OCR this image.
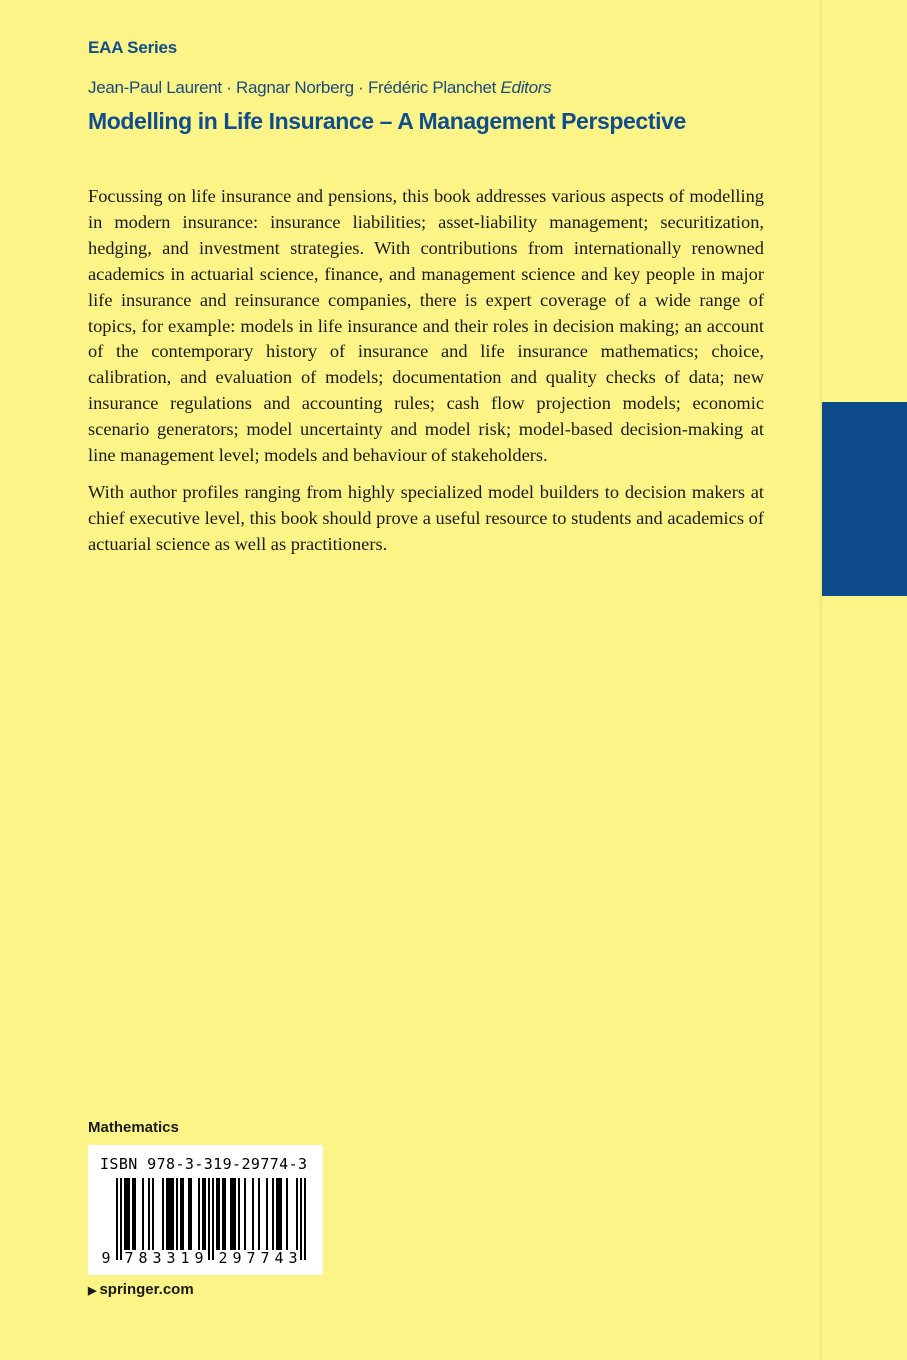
EAA Series
Jean-Paul Laurent · Ragnar Norberg · Frédéric Planchet Editors
Modelling in Life Insurance – A Management Perspective

Focussing on life insurance and pensions, this book addresses various aspects of modelling in modern insurance: insurance liabilities; asset-liability management; securitization, hedging, and investment strategies. With contributions from internationally renowned academics in actuarial science, finance, and management science and key people in major life insurance and reinsurance companies, there is expert coverage of a wide range of topics, for example: models in life insurance and their roles in decision making; an account of the contemporary history of insurance and life insurance mathematics; choice, calibration, and evaluation of models; documentation and quality checks of data; new insurance regulations and accounting rules; cash flow projection models; economic scenario generators; model uncertainty and model risk; model-based decision-making at line management level; models and behaviour of stakeholders.

With author profiles ranging from highly specialized model builders to decision makers at chief executive level, this book should prove a useful resource to students and academics of actuarial science as well as practitioners.

Mathematics
ISBN 978-3-319-29774-3
9 7 8 3 3 1 9 2 9 7 7 4 3
▶ springer.com
